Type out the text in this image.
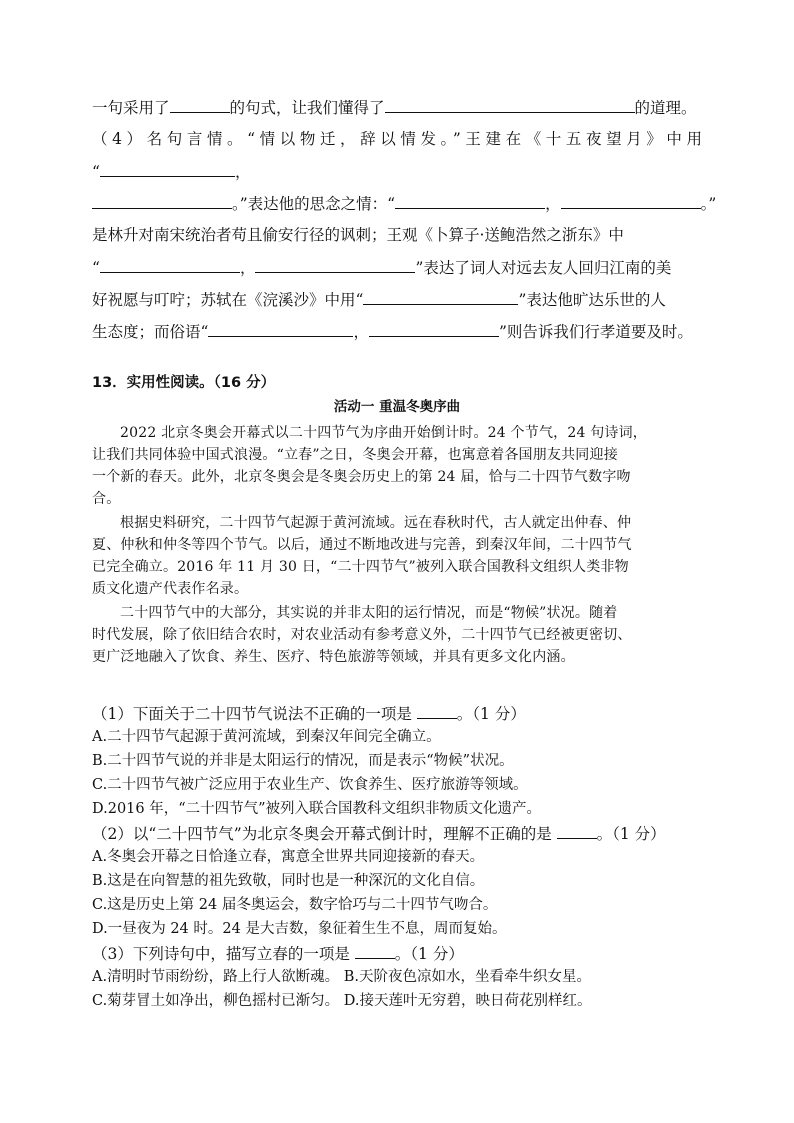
一句采用了	的句式，让我们懂得了	的道理。
（4）名句言情。“情以物迁，辞以情发。”王建在《十五夜望月》中用
“	，
。”表达他的思念之情：“	，	。”
是林升对南宋统治者苟且偷安行径的讽刺；王观《卜算子·送鲍浩然之浙东》中
“	，	”表达了词人对远去友人回归江南的美
好祝愿与叮咛；苏轼在《浣溪沙》中用“	”表达他旷达乐世的人
生态度；而俗语“	，	”则告诉我们行孝道要及时。
13．实用性阅读。（16 分）
活动一 重温冬奥序曲
2022 北京冬奥会开幕式以二十四节气为序曲开始倒计时。24 个节气，24 句诗词，
让我们共同体验中国式浪漫。“立春”之日，冬奥会开幕，也寓意着各国朋友共同迎接
一个新的春天。此外，北京冬奥会是冬奥会历史上的第 24 届，恰与二十四节气数字吻
合。
根据史料研究，二十四节气起源于黄河流域。远在春秋时代，古人就定出仲春、仲
夏、仲秋和仲冬等四个节气。以后，通过不断地改进与完善，到秦汉年间，二十四节气
已完全确立。2016 年 11 月 30 日，“二十四节气”被列入联合国教科文组织人类非物
质文化遗产代表作名录。
二十四节气中的大部分，其实说的并非太阳的运行情况，而是“物候”状况。随着
时代发展，除了依旧结合农时，对农业活动有参考意义外，二十四节气已经被更密切、
更广泛地融入了饮食、养生、医疗、特色旅游等领域，并具有更多文化内涵。
（1）下面关于二十四节气说法不正确的一项是	。（1 分）
A.二十四节气起源于黄河流域，到秦汉年间完全确立。
B.二十四节气说的并非是太阳运行的情况，而是表示“物候”状况。
C.二十四节气被广泛应用于农业生产、饮食养生、医疗旅游等领域。
D.2016 年，“二十四节气”被列入联合国教科文组织非物质文化遗产。
（2）以“二十四节气”为北京冬奥会开幕式倒计时，理解不正确的是	。（1 分）
A.冬奥会开幕之日恰逢立春，寓意全世界共同迎接新的春天。
B.这是在向智慧的祖先致敬，同时也是一种深沉的文化自信。
C.这是历史上第 24 届冬奥运会，数字恰巧与二十四节气吻合。
D.一昼夜为 24 时。24 是大吉数，象征着生生不息，周而复始。
（3）下列诗句中，描写立春的一项是	。（1 分）
A.清明时节雨纷纷，路上行人欲断魂。 B.天阶夜色凉如水，坐看牵牛织女星。
C.菊芽冒土如净出，柳色摇村已渐匀。 D.接天莲叶无穷碧，映日荷花别样红。
